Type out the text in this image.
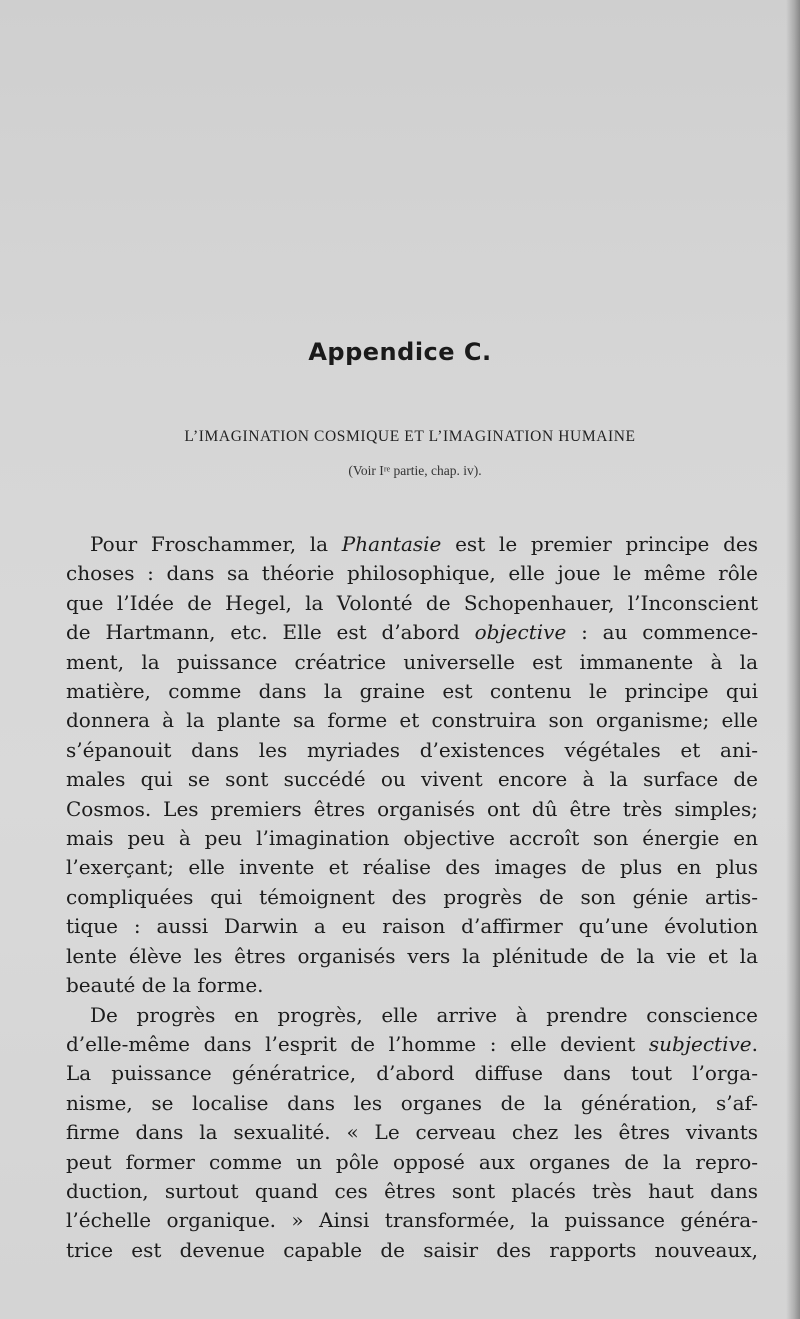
Appendice C.
L’IMAGINATION COSMIQUE ET L’IMAGINATION HUMAINE
(Voir Iʳᵉ partie, chap. iv).
Pour Froschammer, la Phantasie est le premier principe des
choses : dans sa théorie philosophique, elle joue le même rôle
que l’Idée de Hegel, la Volonté de Schopenhauer, l’Inconscient
de Hartmann, etc. Elle est d’abord objective : au commence-
ment, la puissance créatrice universelle est immanente à la
matière, comme dans la graine est contenu le principe qui
donnera à la plante sa forme et construira son organisme; elle
s’épanouit dans les myriades d’existences végétales et ani-
males qui se sont succédé ou vivent encore à la surface de
Cosmos. Les premiers êtres organisés ont dû être très simples;
mais peu à peu l’imagination objective accroît son énergie en
l’exerçant; elle invente et réalise des images de plus en plus
compliquées qui témoignent des progrès de son génie artis-
tique : aussi Darwin a eu raison d’affirmer qu’une évolution
lente élève les êtres organisés vers la plénitude de la vie et la
beauté de la forme.
De progrès en progrès, elle arrive à prendre conscience
d’elle-même dans l’esprit de l’homme : elle devient subjective.
La puissance génératrice, d’abord diffuse dans tout l’orga-
nisme, se localise dans les organes de la génération, s’af-
firme dans la sexualité. « Le cerveau chez les êtres vivants
peut former comme un pôle opposé aux organes de la repro-
duction, surtout quand ces êtres sont placés très haut dans
l’échelle organique. » Ainsi transformée, la puissance généra-
trice est devenue capable de saisir des rapports nouveaux,
